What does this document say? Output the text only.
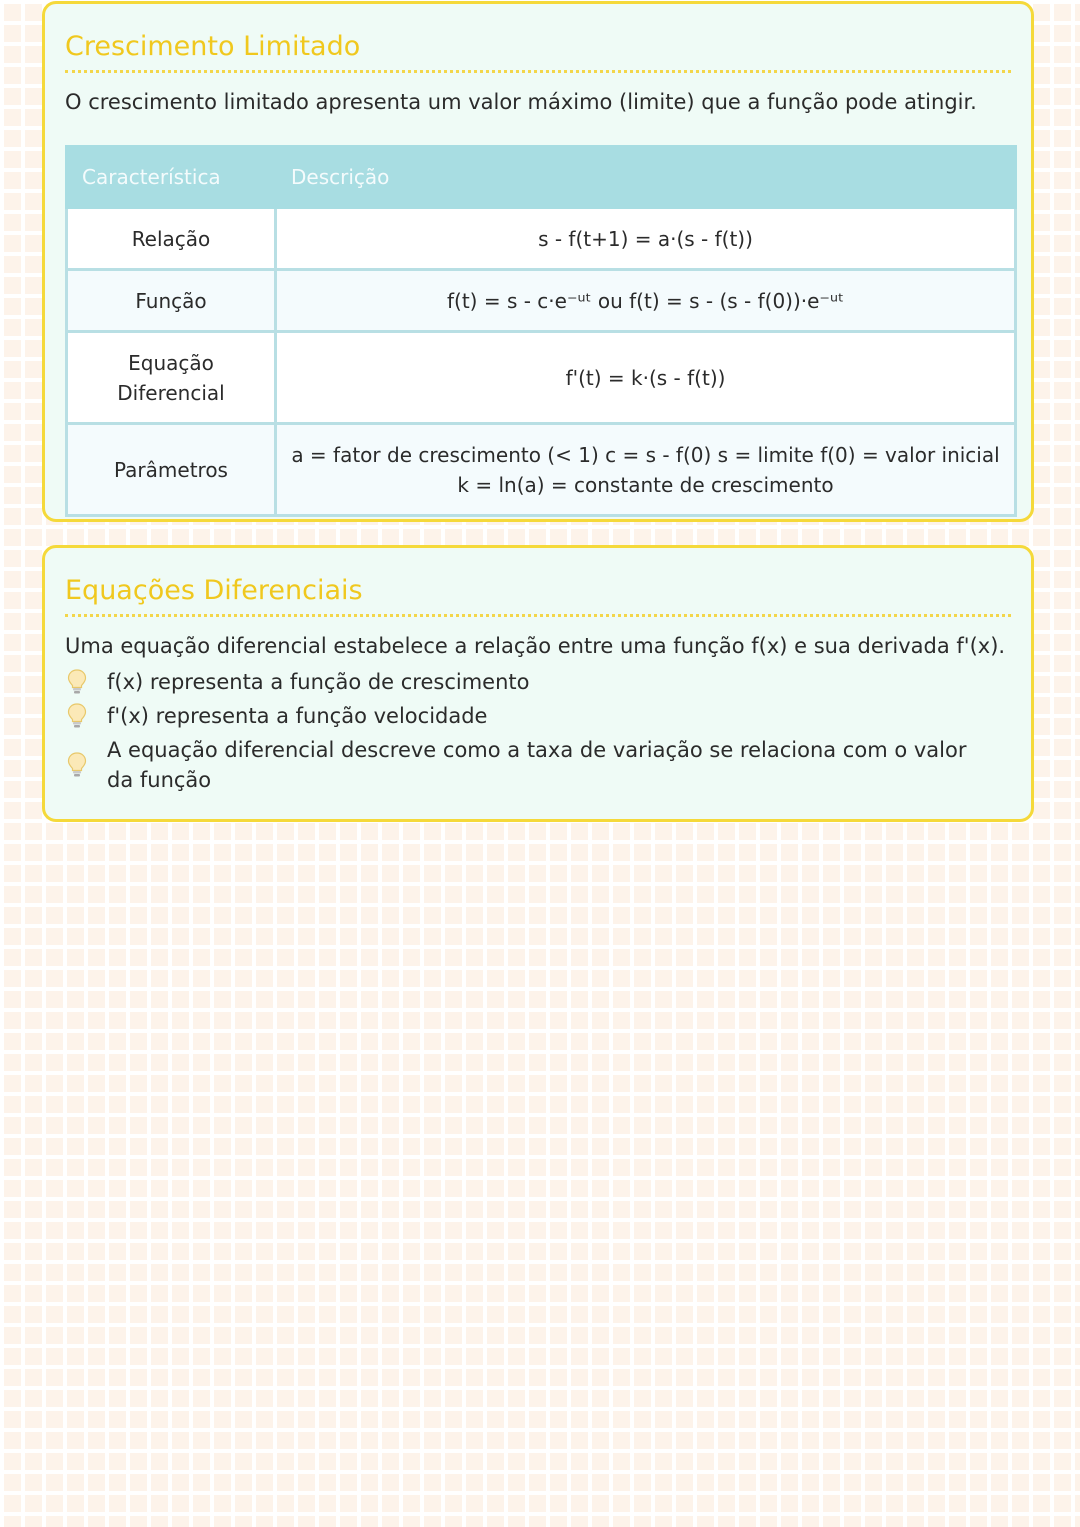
Crescimento Limitado

O crescimento limitado apresenta um valor máximo (limite) que a função pode atingir.

Característica	Descrição
Relação	s - f(t+1) = a·(s - f(t))
Função	f(t) = s - c·e⁻ᵘᵗ ou f(t) = s - (s - f(0))·e⁻ᵘᵗ
Equação Diferencial	f'(t) = k·(s - f(t))
Parâmetros	a = fator de crescimento (< 1) c = s - f(0) s = limite f(0) = valor inicial k = ln(a) = constante de crescimento
Equações Diferenciais

Uma equação diferencial estabelece a relação entre uma função f(x) e sua derivada f'(x).

f(x) representa a função de crescimento
f'(x) representa a função velocidade
A equação diferencial descreve como a taxa de variação se relaciona com o valor da função
